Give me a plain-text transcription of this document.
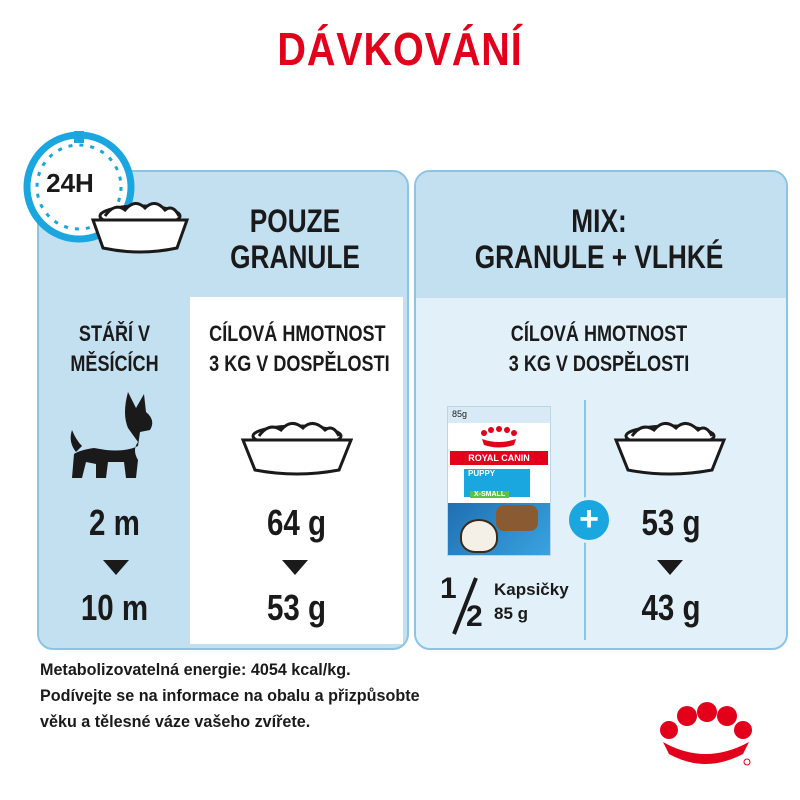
DÁVKOVÁNÍ
24H
POUZE
GRANULE
MIX:
GRANULE + VLHKÉ
STÁŘÍ V
MĚSÍCÍCH
CÍLOVÁ HMOTNOST
3 KG V DOSPĚLOSTI
CÍLOVÁ HMOTNOST
3 KG V DOSPĚLOSTI
85g
ROYAL CANIN
PUPPY
X-SMALL
+
2 m
10 m
64 g
53 g
53 g
43 g
1
2
Kapsičky
85 g
Metabolizovatelná energie: 4054 kcal/kg.
Podívejte se na informace na obalu a přizpůsobte
věku a tělesné váze vašeho zvířete.
